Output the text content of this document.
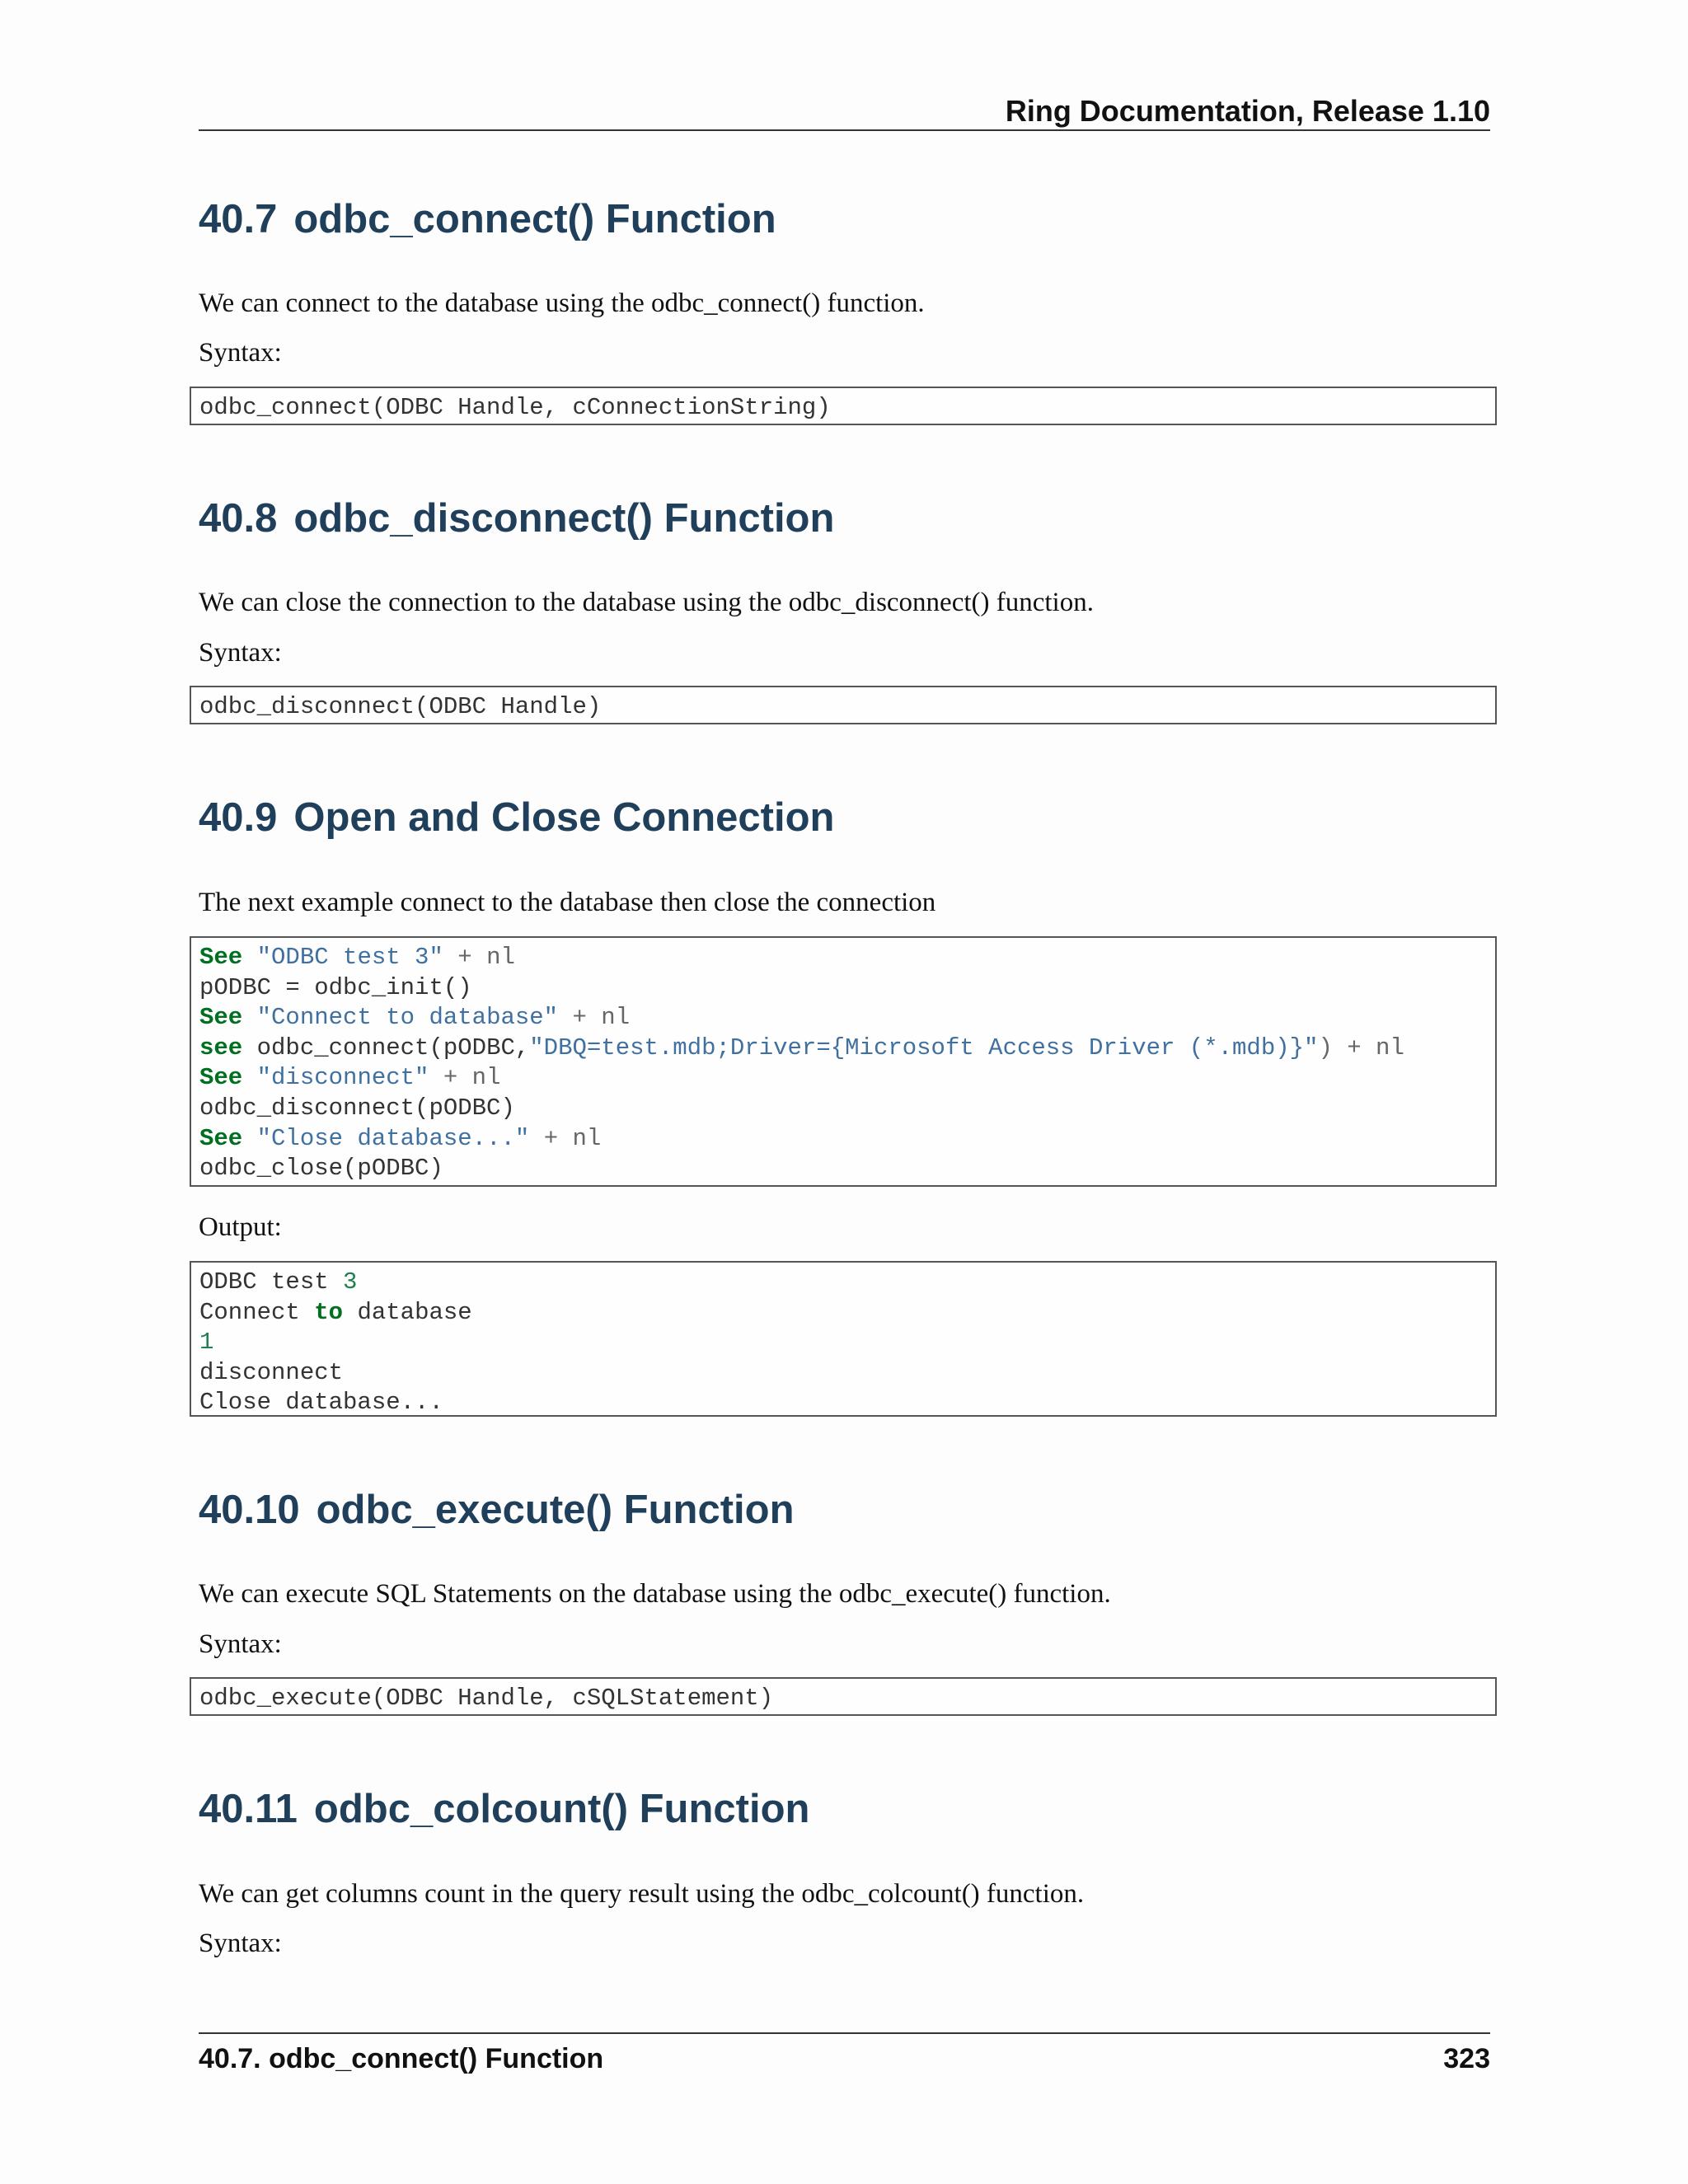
Ring Documentation, Release 1.10
40.7 odbc_connect() Function

We can connect to the database using the odbc_connect() function.

Syntax:

odbc_connect(ODBC Handle, cConnectionString)
40.8 odbc_disconnect() Function

We can close the connection to the database using the odbc_disconnect() function.

Syntax:

odbc_disconnect(ODBC Handle)
40.9 Open and Close Connection

The next example connect to the database then close the connection

See "ODBC test 3" + nl
pODBC = odbc_init()
See "Connect to database" + nl
see odbc_connect(pODBC,"DBQ=test.mdb;Driver={Microsoft Access Driver (*.mdb)}") + nl
See "disconnect" + nl
odbc_disconnect(pODBC)
See "Close database..." + nl
odbc_close(pODBC)

Output:

ODBC test 3
Connect to database
1
disconnect
Close database...
40.10 odbc_execute() Function

We can execute SQL Statements on the database using the odbc_execute() function.

Syntax:

odbc_execute(ODBC Handle, cSQLStatement)
40.11 odbc_colcount() Function

We can get columns count in the query result using the odbc_colcount() function.

Syntax:

40.7. odbc_connect() Function	323
